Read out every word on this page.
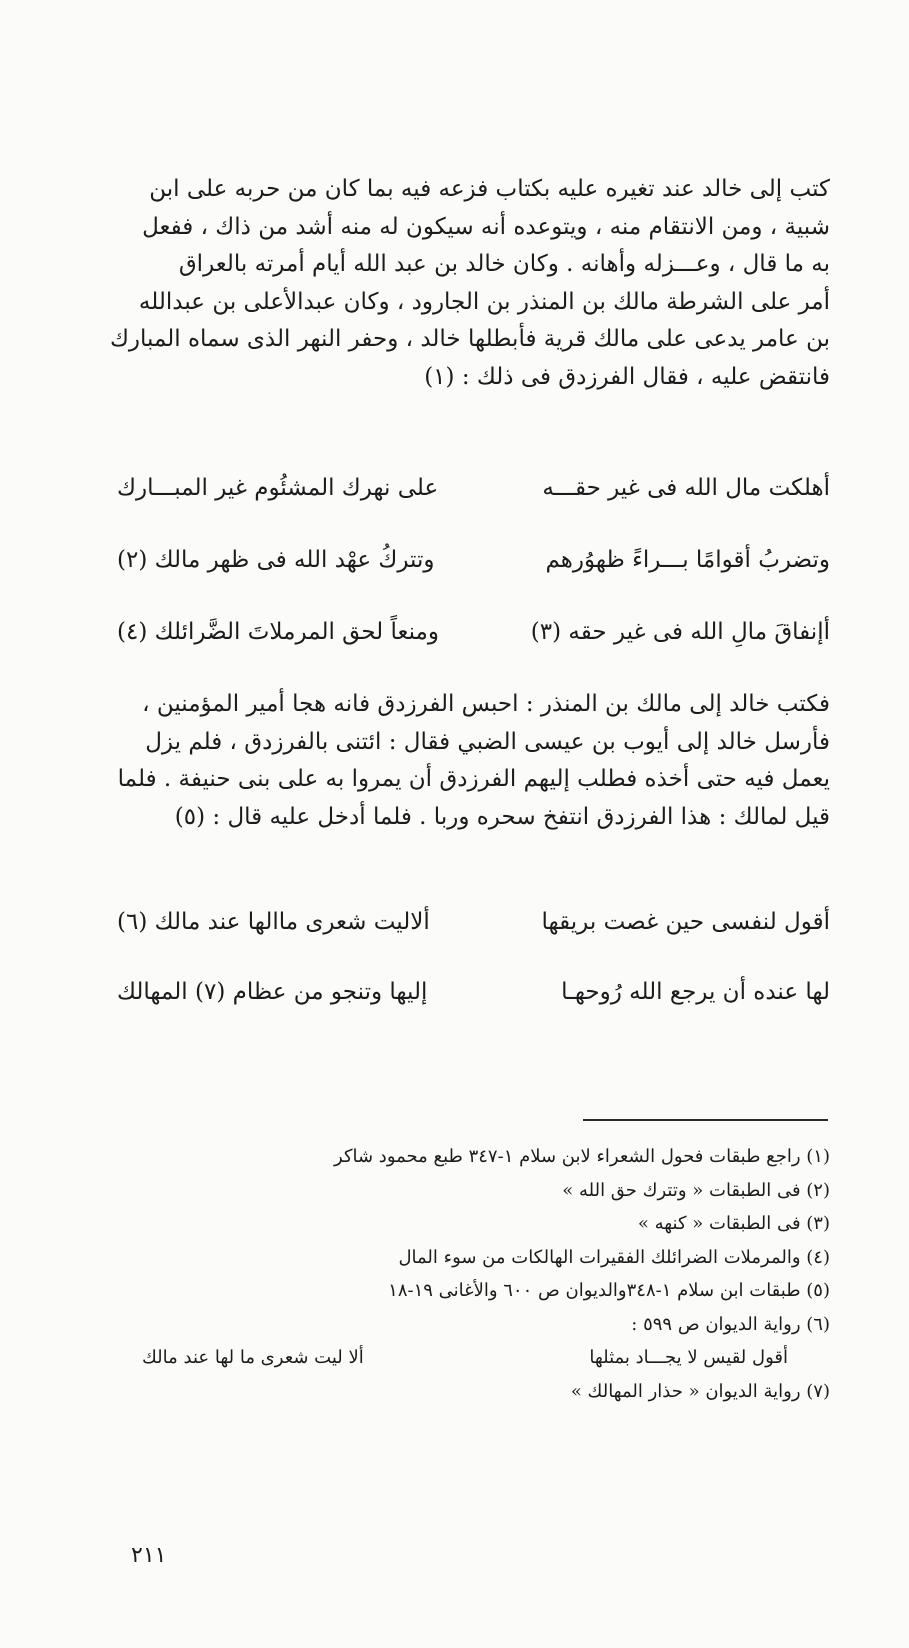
كتب إلى خالد عند تغيره عليه بكتاب فزعه فيه بما كان من حربه على ابن
شبية ، ومن الانتقام منه ، ويتوعده أنه سيكون له منه أشد من ذاك ، ففعل
به ما قال ، وعـــزله وأهانه . وكان خالد بن عبد الله أيام أمرته بالعراق
أمر على الشرطة مالك بن المنذر بن الجارود ، وكان عبدالأعلى بن عبدالله
بن عامر يدعى على مالك قرية فأبطلها خالد ، وحفر النهر الذى سماه المبارك
فانتقض عليه ، فقال الفرزدق فى ذلك : (١)
أهلكت مال الله فى غير حقـــه
على نهرك المشئُوم غير المبـــارك
وتضربُ أقوامًا بـــراءً ظهوُرهم
وتتركُ عهْد الله فى ظهر مالك (٢)
أإنفاقَ مالِ الله فى غير حقه (٣)
ومنعاً لحق المرملاتَ الضَّرائلك (٤)
فكتب خالد إلى مالك بن المنذر : احبس الفرزدق فانه هجا أمير المؤمنين ،
فأرسل خالد إلى أيوب بن عيسى الضبي فقال : ائتنى بالفرزدق ، فلم يزل
يعمل فيه حتى أخذه فطلب إليهم الفرزدق أن يمروا به على بنى حنيفة . فلما
قيل لمالك : هذا الفرزدق انتفخ سحره وربا . فلما أدخل عليه قال : (٥)
أقول لنفسى حين غصت بريقها
ألاليت شعرى ماالها عند مالك (٦)
لها عنده أن يرجع الله رُوحهـا
إليها وتنجو من عظام (٧) المهالك
(١) راجع طبقات فحول الشعراء لابن سلام ١-٣٤٧ طبع محمود شاكر
(٢) فى الطبقات « وتترك حق الله »
(٣) فى الطبقات « كنهه »
(٤) والمرملات الضرائلك الفقيرات الهالكات من سوء المال
(٥) طبقات ابن سلام ١-٣٤٨والديوان ص ٦٠٠ والأغانى ١٩-١٨
(٦) رواية الديوان ص ٥٩٩ :
أقول لقيس لا يجـــاد بمثلها
ألا ليت شعرى ما لها عند مالك
(٧) رواية الديوان « حذار المهالك »
٢١١
